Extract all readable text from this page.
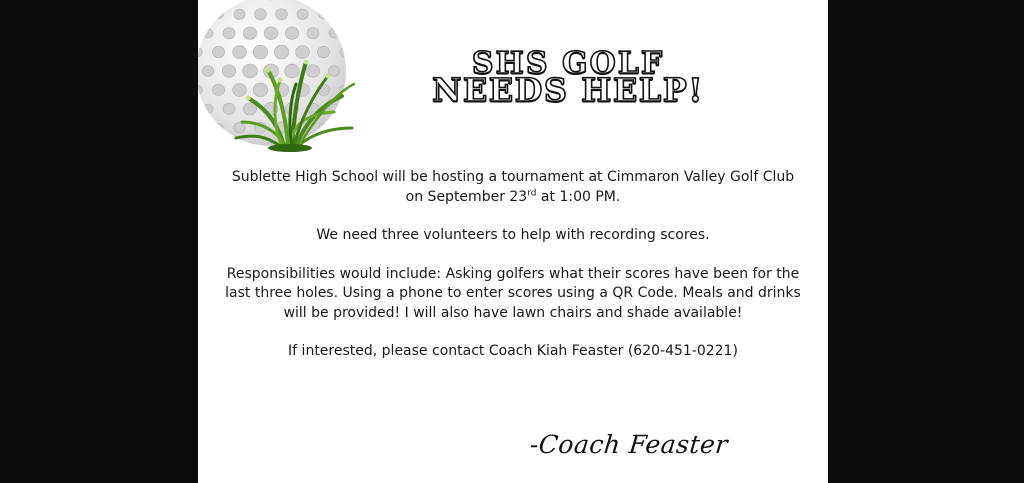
SHS GOLF
NEEDS HELP!

Sublette High School will be hosting a tournament at Cimmaron Valley Golf Club
on September 23rd at 1:00 PM.

We need three volunteers to help with recording scores.

Responsibilities would include: Asking golfers what their scores have been for the last three holes. Using a phone to enter scores using a QR Code. Meals and drinks will be provided! I will also have lawn chairs and shade available!

If interested, please contact Coach Kiah Feaster (620-451-0221)

-Coach Feaster
